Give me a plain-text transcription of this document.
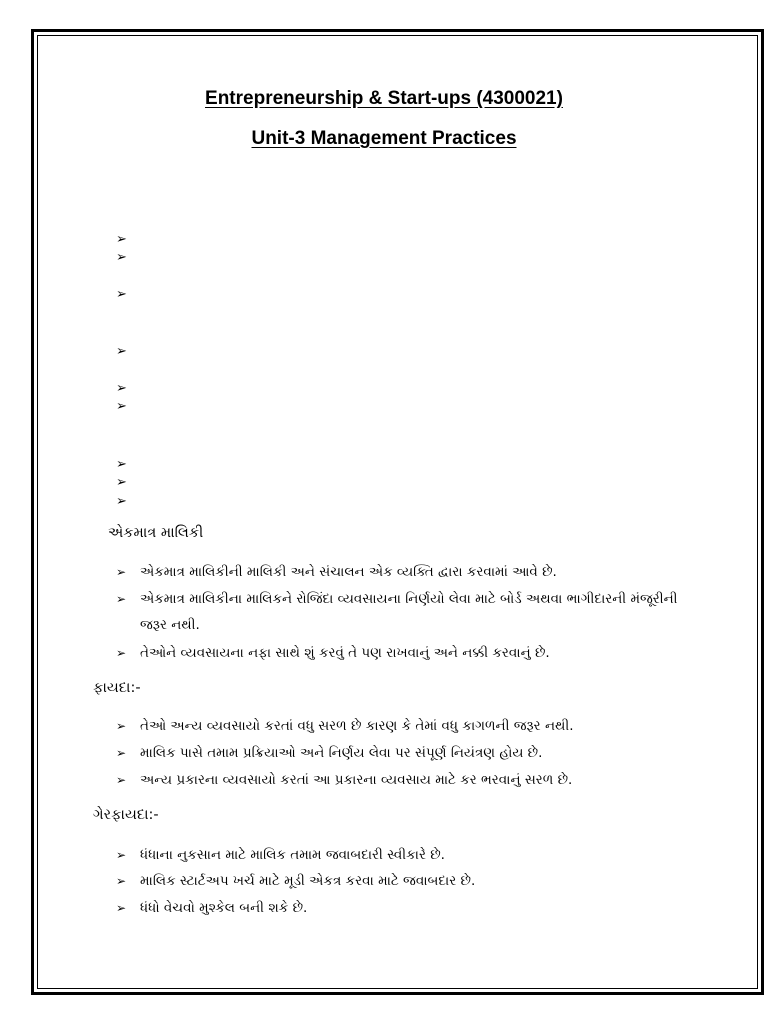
Entrepreneurship & Start-ups (4300021)
Unit-3 Management Practices
➢
➢
➢
➢
➢
➢
➢
➢
➢
એકમાત્ર માલિકી
➢	એકમાત્ર માલિકીની માલિકી અને સંચાલન એક વ્યક્તિ દ્વારા કરવામાં આવે છે.
➢	એકમાત્ર માલિકીના માલિકને રોજિંદા વ્યવસાયના નિર્ણયો લેવા માટે બોર્ડ અથવા ભાગીદારની મંજૂરીની જરૂર નથી.
➢	તેઓને વ્યવસાયના નફા સાથે શું કરવું તે પણ રાખવાનું અને નક્કી કરવાનું છે.
ફાયદા:-
➢	તેઓ અન્ય વ્યવસાયો કરતાં વધુ સરળ છે કારણ કે તેમાં વધુ કાગળની જરૂર નથી.
➢	માલિક પાસે તમામ પ્રક્રિયાઓ અને નિર્ણય લેવા પર સંપૂર્ણ નિયંત્રણ હોય છે.
➢	અન્ય પ્રકારના વ્યવસાયો કરતાં આ પ્રકારના વ્યવસાય માટે કર ભરવાનું સરળ છે.
ગેરફાયદા:-
➢	ધંધાના નુકસાન માટે માલિક તમામ જવાબદારી સ્વીકારે છે.
➢	માલિક સ્ટાર્ટઅપ ખર્ચ માટે મૂડી એકત્ર કરવા માટે જવાબદાર છે.
➢	ધંધો વેચવો મુશ્કેલ બની શકે છે.
